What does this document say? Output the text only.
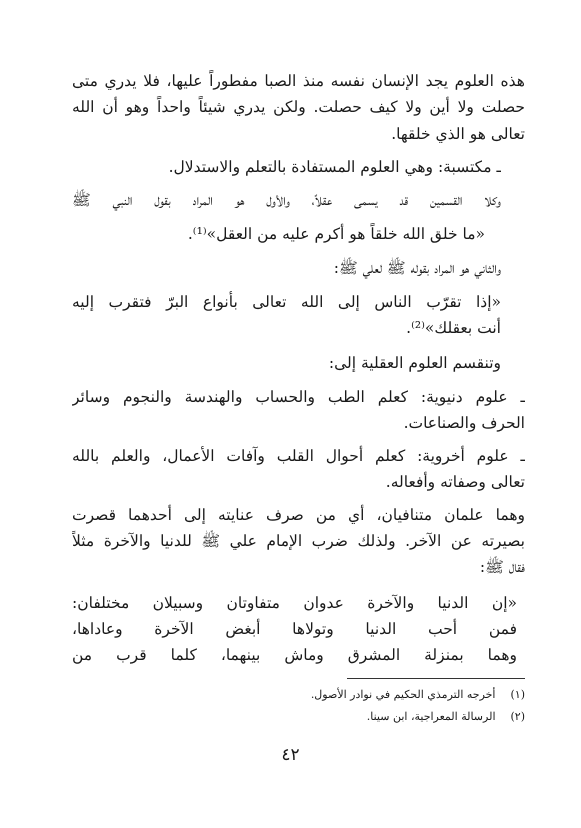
هذه العلوم يجد الإنسان نفسه منذ الصبا مفطوراً عليها، فلا يدري متى
حصلت ولا أين ولا كيف حصلت. ولكن يدري شيئاً واحداً وهو أن الله
تعالى هو الذي خلقها.
ـ مكتسبة: وهي العلوم المستفادة بالتعلم والاستدلال.
وكلا القسمين قد يسمى عقلاً، والأول هو المراد بقول النبي ﷺ
«ما خلق الله خلقاً هو أكرم عليه من العقل»⁽¹⁾.
والثاني هو المراد بقوله ﷺ لعلي ﷺ:
«إذا تقرّب الناس إلى الله تعالى بأنواع البرّ فتقرب إليه
أنت بعقلك»⁽²⁾.
وتنقسم العلوم العقلية إلى:
ـ علوم دنيوية: كعلم الطب والحساب والهندسة والنجوم وسائر
الحرف والصناعات.
ـ علوم أخروية: كعلم أحوال القلب وآفات الأعمال، والعلم بالله
تعالى وصفاته وأفعاله.
وهما علمان متنافيان، أي من صرف عنايته إلى أحدهما قصرت
بصيرته عن الآخر. ولذلك ضرب الإمام علي ﷺ للدنيا والآخرة مثلاً
فقال ﷺ:
«إن الدنيا والآخرة عدوان متفاوتان وسبيلان مختلفان:
فمن أحب الدنيا وتولاها أبغض الآخرة وعاداها،
وهما بمنزلة المشرق وماش بينهما، كلما قرب من
(١) أخرجه الترمذي الحكيم في نوادر الأصول.
(٢) الرسالة المعراجية، ابن سينا.
٤٢
